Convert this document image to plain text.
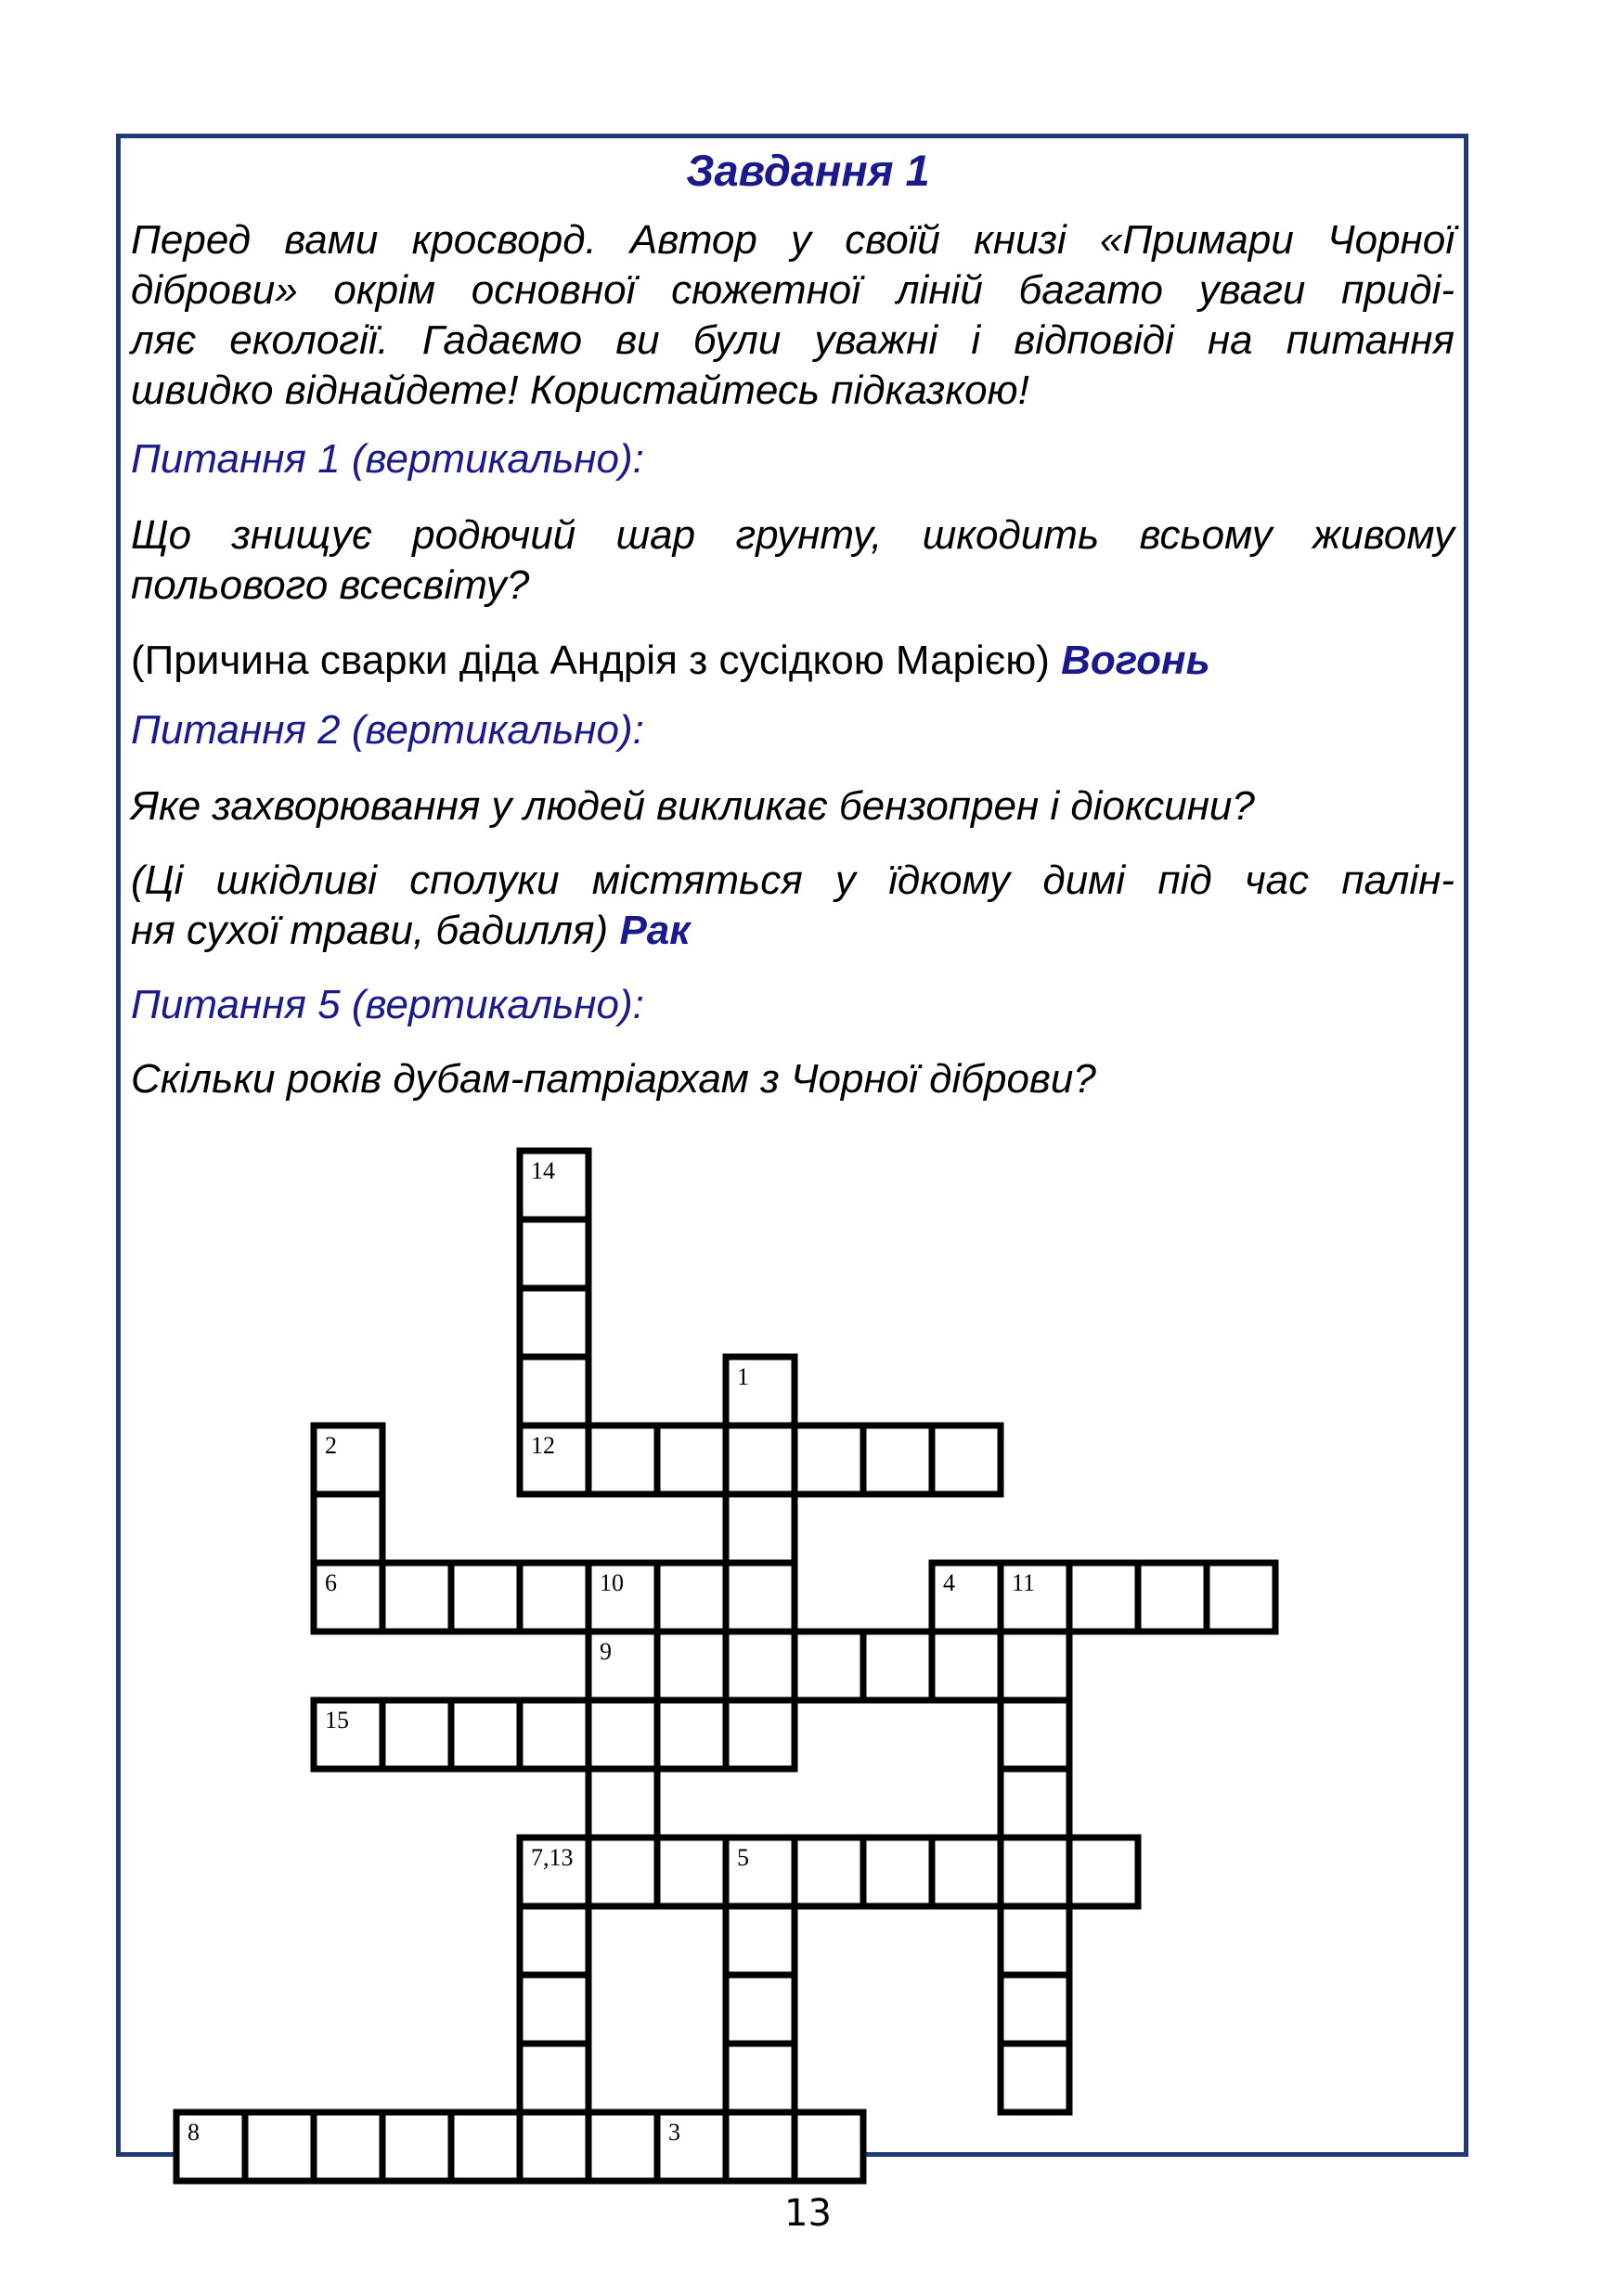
Завдання 1
Перед вами кросворд. Автор у своїй книзі «Примари Чорної
діброви» окрім основної сюжетної ліній багато уваги приді-
ляє екології. Гадаємо ви були уважні і відповіді на питання
швидко віднайдете! Користайтесь підказкою!
Питання 1 (вертикально):
Що знищує родючий шар грунту, шкодить всьому живому
польового всесвіту?
(Причина сварки діда Андрія з сусідкою Марією) Вогонь
Питання 2 (вертикально):
Яке захворювання у людей викликає бензопрен і діоксини?
(Ці шкідливі сполуки містяться у їдкому димі під час палін-
ня сухої трави, бадилля) Рак
Питання 5 (вертикально):
Скільки років дубам-патріархам з Чорної діброви?
14
1
2	12
6	10	4 11
9
15
7,13	5
8	3
13
